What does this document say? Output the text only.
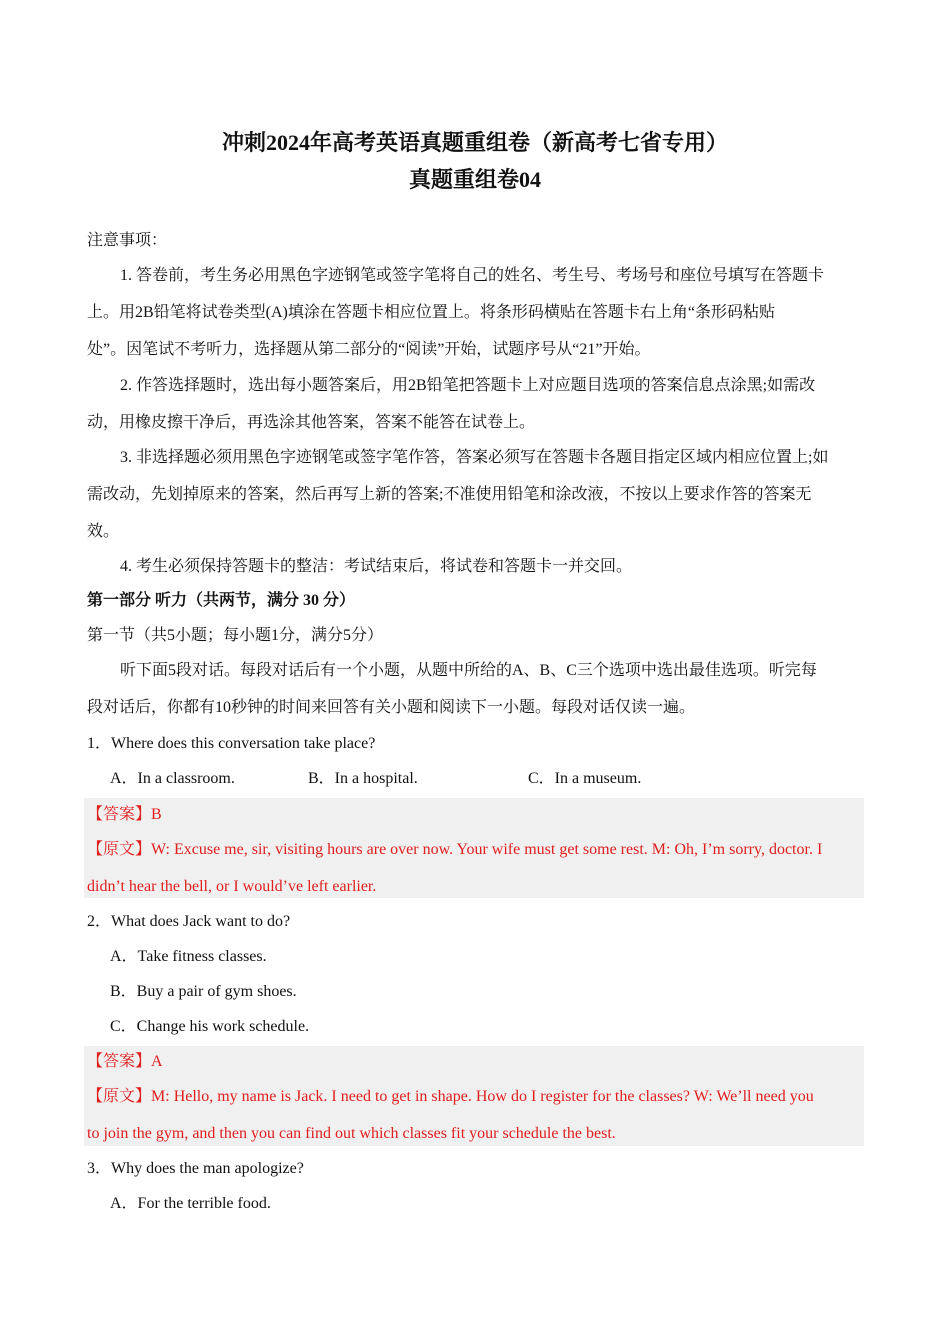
冲刺2024年高考英语真题重组卷（新高考七省专用）
真题重组卷04
注意事项：
1. 答卷前，考生务必用黑色字迹钢笔或签字笔将自己的姓名、考生号、考场号和座位号填写在答题卡
上。用2B铅笔将试卷类型(A)填涂在答题卡相应位置上。将条形码横贴在答题卡右上角“条形码粘贴
处”。因笔试不考听力，选择题从第二部分的“阅读”开始，试题序号从“21”开始。
2. 作答选择题时，选出每小题答案后，用2B铅笔把答题卡上对应题目选项的答案信息点涂黑;如需改
动，用橡皮擦干净后，再选涂其他答案，答案不能答在试卷上。
3. 非选择题必须用黑色字迹钢笔或签字笔作答，答案必须写在答题卡各题目指定区域内相应位置上;如
需改动，先划掉原来的答案，然后再写上新的答案;不准使用铅笔和涂改液，不按以上要求作答的答案无
效。
4. 考生必须保持答题卡的整洁：考试结束后，将试卷和答题卡一并交回。
第一部分 听力（共两节，满分 30 分）
第一节（共5小题；每小题1分，满分5分）
听下面5段对话。每段对话后有一个小题，从题中所给的A、B、C三个选项中选出最佳选项。听完每
段对话后，你都有10秒钟的时间来回答有关小题和阅读下一小题。每段对话仅读一遍。
1．Where does this conversation take place?
A．In a classroom.	B．In a hospital.	C．In a museum.
【答案】B
【原文】W: Excuse me, sir, visiting hours are over now. Your wife must get some rest. M: Oh, I’m sorry, doctor. I
didn’t hear the bell, or I would’ve left earlier.
2．What does Jack want to do?
A．Take fitness classes.
B．Buy a pair of gym shoes.
C．Change his work schedule.
【答案】A
【原文】M: Hello, my name is Jack. I need to get in shape. How do I register for the classes? W: We’ll need you
to join the gym, and then you can find out which classes fit your schedule the best.
3．Why does the man apologize?
A．For the terrible food.
